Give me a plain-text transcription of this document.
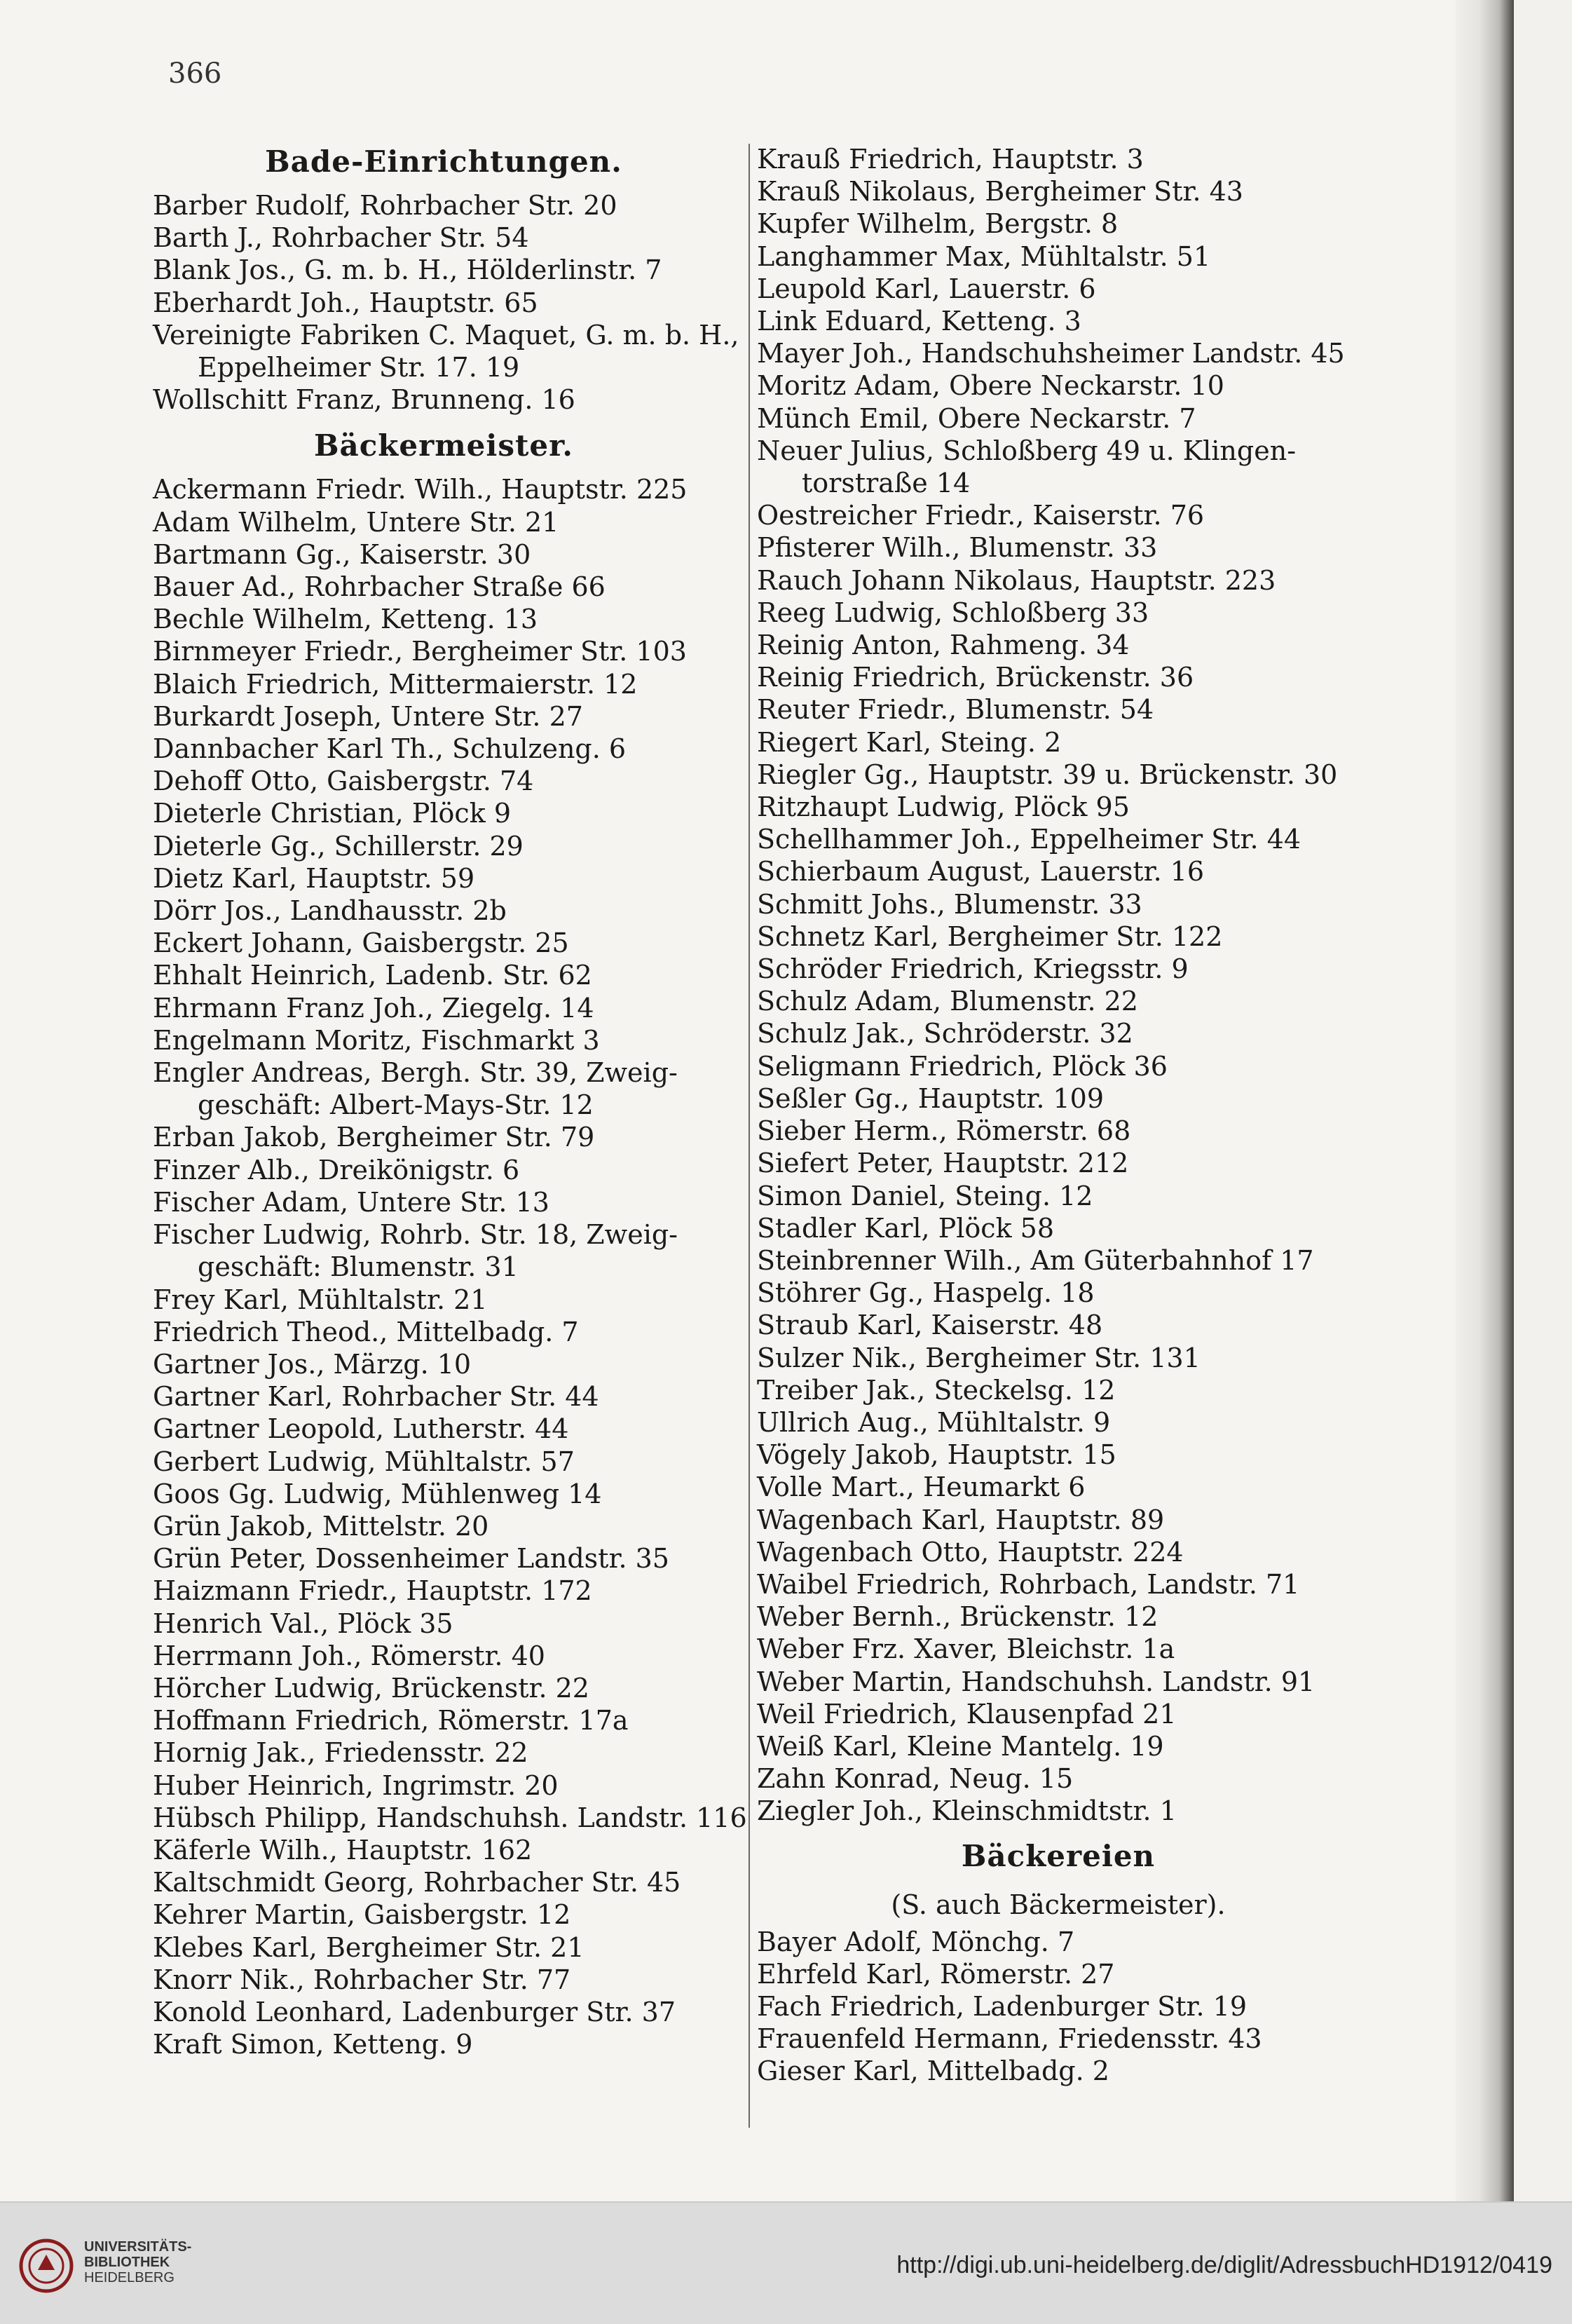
366
Bade-Einrichtungen.
Barber Rudolf, Rohrbacher Str. 20
Barth J., Rohrbacher Str. 54
Blank Jos., G. m. b. H., Hölderlinstr. 7
Eberhardt Joh., Hauptstr. 65
Vereinigte Fabriken C. Maquet, G. m. b. H.,
Eppelheimer Str. 17. 19
Wollschitt Franz, Brunneng. 16
Bäckermeister.
Ackermann Friedr. Wilh., Hauptstr. 225
Adam Wilhelm, Untere Str. 21
Bartmann Gg., Kaiserstr. 30
Bauer Ad., Rohrbacher Straße 66
Bechle Wilhelm, Ketteng. 13
Birnmeyer Friedr., Bergheimer Str. 103
Blaich Friedrich, Mittermaierstr. 12
Burkardt Joseph, Untere Str. 27
Dannbacher Karl Th., Schulzeng. 6
Dehoff Otto, Gaisbergstr. 74
Dieterle Christian, Plöck 9
Dieterle Gg., Schillerstr. 29
Dietz Karl, Hauptstr. 59
Dörr Jos., Landhausstr. 2b
Eckert Johann, Gaisbergstr. 25
Ehhalt Heinrich, Ladenb. Str. 62
Ehrmann Franz Joh., Ziegelg. 14
Engelmann Moritz, Fischmarkt 3
Engler Andreas, Bergh. Str. 39, Zweig-
geschäft: Albert-Mays-Str. 12
Erban Jakob, Bergheimer Str. 79
Finzer Alb., Dreikönigstr. 6
Fischer Adam, Untere Str. 13
Fischer Ludwig, Rohrb. Str. 18, Zweig-
geschäft: Blumenstr. 31
Frey Karl, Mühltalstr. 21
Friedrich Theod., Mittelbadg. 7
Gartner Jos., Märzg. 10
Gartner Karl, Rohrbacher Str. 44
Gartner Leopold, Lutherstr. 44
Gerbert Ludwig, Mühltalstr. 57
Goos Gg. Ludwig, Mühlenweg 14
Grün Jakob, Mittelstr. 20
Grün Peter, Dossenheimer Landstr. 35
Haizmann Friedr., Hauptstr. 172
Henrich Val., Plöck 35
Herrmann Joh., Römerstr. 40
Hörcher Ludwig, Brückenstr. 22
Hoffmann Friedrich, Römerstr. 17a
Hornig Jak., Friedensstr. 22
Huber Heinrich, Ingrimstr. 20
Hübsch Philipp, Handschuhsh. Landstr. 116
Käferle Wilh., Hauptstr. 162
Kaltschmidt Georg, Rohrbacher Str. 45
Kehrer Martin, Gaisbergstr. 12
Klebes Karl, Bergheimer Str. 21
Knorr Nik., Rohrbacher Str. 77
Konold Leonhard, Ladenburger Str. 37
Kraft Simon, Ketteng. 9
Krauß Friedrich, Hauptstr. 3
Krauß Nikolaus, Bergheimer Str. 43
Kupfer Wilhelm, Bergstr. 8
Langhammer Max, Mühltalstr. 51
Leupold Karl, Lauerstr. 6
Link Eduard, Ketteng. 3
Mayer Joh., Handschuhsheimer Landstr. 45
Moritz Adam, Obere Neckarstr. 10
Münch Emil, Obere Neckarstr. 7
Neuer Julius, Schloßberg 49 u. Klingen-
torstraße 14
Oestreicher Friedr., Kaiserstr. 76
Pfisterer Wilh., Blumenstr. 33
Rauch Johann Nikolaus, Hauptstr. 223
Reeg Ludwig, Schloßberg 33
Reinig Anton, Rahmeng. 34
Reinig Friedrich, Brückenstr. 36
Reuter Friedr., Blumenstr. 54
Riegert Karl, Steing. 2
Riegler Gg., Hauptstr. 39 u. Brückenstr. 30
Ritzhaupt Ludwig, Plöck 95
Schellhammer Joh., Eppelheimer Str. 44
Schierbaum August, Lauerstr. 16
Schmitt Johs., Blumenstr. 33
Schnetz Karl, Bergheimer Str. 122
Schröder Friedrich, Kriegsstr. 9
Schulz Adam, Blumenstr. 22
Schulz Jak., Schröderstr. 32
Seligmann Friedrich, Plöck 36
Seßler Gg., Hauptstr. 109
Sieber Herm., Römerstr. 68
Siefert Peter, Hauptstr. 212
Simon Daniel, Steing. 12
Stadler Karl, Plöck 58
Steinbrenner Wilh., Am Güterbahnhof 17
Stöhrer Gg., Haspelg. 18
Straub Karl, Kaiserstr. 48
Sulzer Nik., Bergheimer Str. 131
Treiber Jak., Steckelsg. 12
Ullrich Aug., Mühltalstr. 9
Vögely Jakob, Hauptstr. 15
Volle Mart., Heumarkt 6
Wagenbach Karl, Hauptstr. 89
Wagenbach Otto, Hauptstr. 224
Waibel Friedrich, Rohrbach, Landstr. 71
Weber Bernh., Brückenstr. 12
Weber Frz. Xaver, Bleichstr. 1a
Weber Martin, Handschuhsh. Landstr. 91
Weil Friedrich, Klausenpfad 21
Weiß Karl, Kleine Mantelg. 19
Zahn Konrad, Neug. 15
Ziegler Joh., Kleinschmidtstr. 1
Bäckereien
(S. auch Bäckermeister).
Bayer Adolf, Mönchg. 7
Ehrfeld Karl, Römerstr. 27
Fach Friedrich, Ladenburger Str. 19
Frauenfeld Hermann, Friedensstr. 43
Gieser Karl, Mittelbadg. 2
UNIVERSITÄTS-
BIBLIOTHEK
HEIDELBERG	http://digi.ub.uni-heidelberg.de/diglit/AdressbuchHD1912/0419
